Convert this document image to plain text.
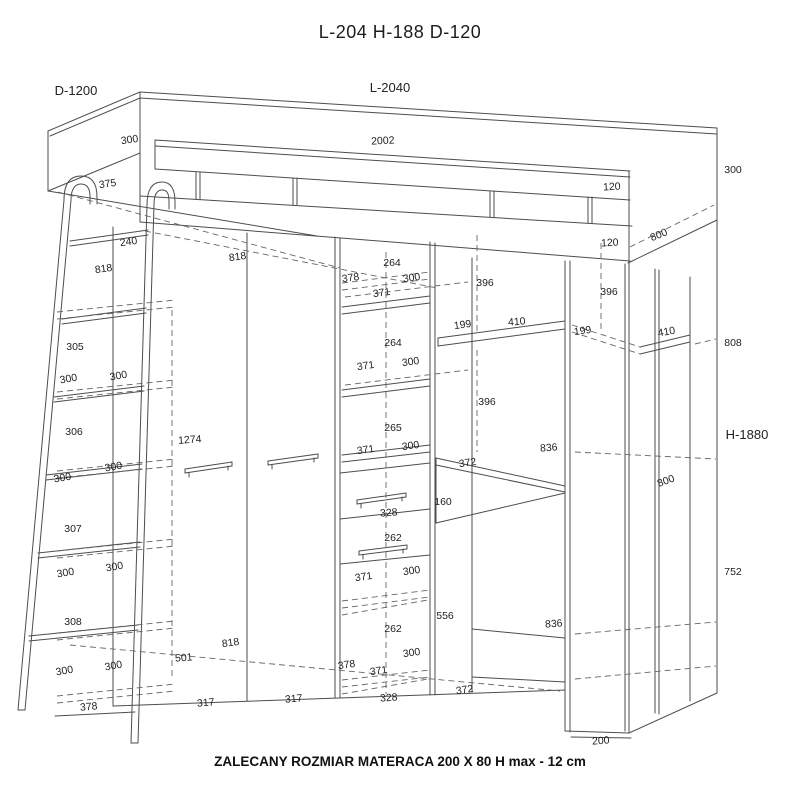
L-204 H-188 D-120
D-1200	L-2040
300	2002
300
120
375
800
120
240
818
818	264
378	300
371
396
396
199	410
199	410
808
305	264
300	300
371 300
396
306
1274
265	H-1880
371 300	836
372
300
800
300
160
328
307
262
300	752
300	371	300
556
308	836
262
818
501	300
300	378
300	371
372
317	317	328
378
200
ZALECANY ROZMIAR MATERACA 200 X 80 H max - 12 cm
